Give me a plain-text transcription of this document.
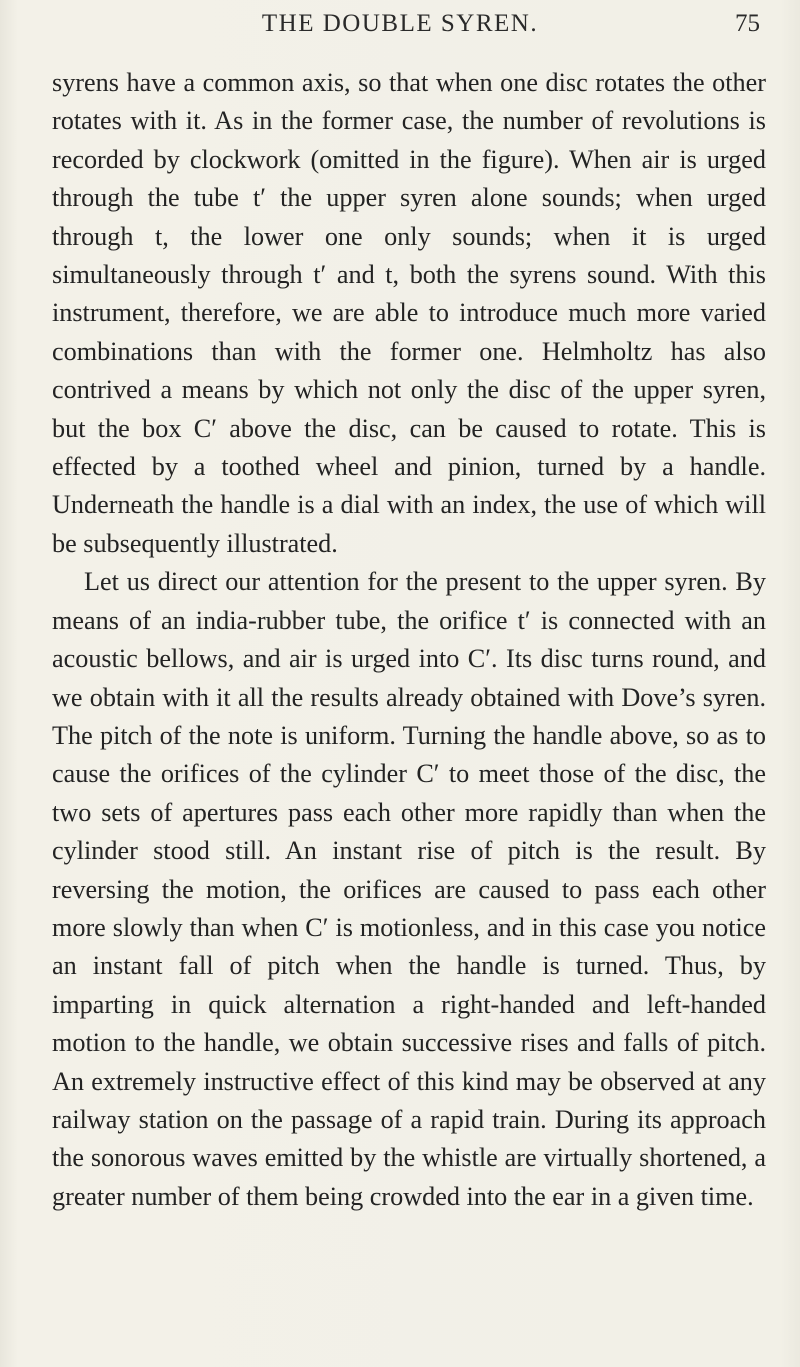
THE DOUBLE SYREN.	75

syrens have a common axis, so that when one disc rotates the other rotates with it. As in the former case, the number of revolutions is recorded by clockwork (omitted in the figure). When air is urged through the tube t′ the upper syren alone sounds; when urged through t, the lower one only sounds; when it is urged simultaneously through t′ and t, both the syrens sound. With this instrument, therefore, we are able to introduce much more varied combinations than with the former one. Helmholtz has also contrived a means by which not only the disc of the upper syren, but the box C′ above the disc, can be caused to rotate. This is effected by a toothed wheel and pinion, turned by a handle. Underneath the handle is a dial with an index, the use of which will be subsequently illustrated.

Let us direct our attention for the present to the upper syren. By means of an india-rubber tube, the orifice t′ is connected with an acoustic bellows, and air is urged into C′. Its disc turns round, and we obtain with it all the results already obtained with Dove’s syren. The pitch of the note is uniform. Turning the handle above, so as to cause the orifices of the cylinder C′ to meet those of the disc, the two sets of apertures pass each other more rapidly than when the cylinder stood still. An instant rise of pitch is the result. By reversing the motion, the orifices are caused to pass each other more slowly than when C′ is motionless, and in this case you notice an instant fall of pitch when the handle is turned. Thus, by imparting in quick alternation a right-handed and left-handed motion to the handle, we obtain successive rises and falls of pitch. An extremely instructive effect of this kind may be observed at any railway station on the passage of a rapid train. During its approach the sonorous waves emitted by the whistle are virtually shortened, a greater number of them being crowded into the ear in a given time.
